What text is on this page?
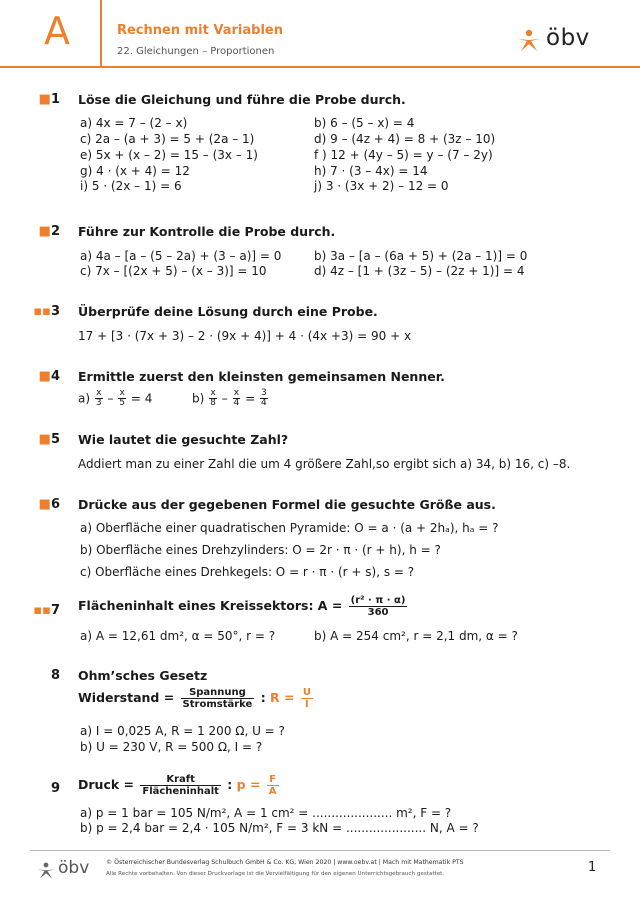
A	Rechnen mit Variablen
22. Gleichungen – Proportionen
öbv
■1 Löse die Gleichung und führe die Probe durch.
a) 4x = 7 – (2 – x)	b) 6 – (5 – x) = 4
c) 2a – (a + 3) = 5 + (2a – 1)	d) 9 – (4z + 4) = 8 + (3z – 10)
e) 5x + (x – 2) = 15 – (3x – 1)	f ) 12 + (4y – 5) = y – (7 – 2y)
g) 4 · (x + 4) = 12	h) 7 · (3 – 4x) = 14
i) 5 · (2x – 1) = 6	j) 3 · (3x + 2) – 12 = 0
■2 Führe zur Kontrolle die Probe durch.
a) 4a – [a – (5 – 2a) + (3 – a)] = 0	b) 3a – [a – (6a + 5) + (2a – 1)] = 0
c) 7x – [(2x + 5) – (x – 3)] = 10	d) 4z – [1 + (3z – 5) – (2z + 1)] = 4
▪▪3 Überprüfe deine Lösung durch eine Probe.
17 + [3 · (7x + 3) – 2 · (9x + 4)] + 4 · (4x +3) = 90 + x
■4 Ermittle zuerst den kleinsten gemeinsamen Nenner.
$a) \frac{x}{3} - \frac{x}{5} = 4$	$b) \frac{x}{8} - \frac{x}{4} = \frac{3}{4}$
■5 Wie lautet die gesuchte Zahl?
Addiert man zu einer Zahl die um 4 größere Zahl,so ergibt sich a) 34, b) 16, c) –8.
■6 Drücke aus der gegebenen Formel die gesuchte Größe aus.
a) Oberfläche einer quadratischen Pyramide: O = a · (a + 2hₐ), hₐ = ?
b) Oberfläche eines Drehzylinders: O = 2r · π · (r + h), h = ?
c) Oberfläche eines Drehkegels: O = r · π · (r + s), s = ?
▪▪7 Flächeninhalt eines Kreissektors: $A = \frac{\text{(r² · π · α)}}{360}$
a) A = 12,61 dm², α = 50°, r = ?	b) A = 254 cm², r = 2,1 dm, α = ?
8 Ohm’sches Gesetz
Widerstand =	Spannung
Stromstärke : $R = \frac{U}{I}$
a) I = 0,025 A, R = 1 200 Ω, U = ?
b) U = 230 V, R = 500 Ω, I = ?
9 Druck =	Kraft
Flächeninhalt : $p = \frac{F}{A}$
a) p = 1 bar = 105 N/m², A = 1 cm² = ..................... m², F = ?
b) p = 2,4 bar = 2,4 · 105 N/m², F = 3 kN = ..................... N, A = ?
öbv	© Österreichischer Bundesverlag Schulbuch GmbH & Co. KG, Wien 2020 | www.oebv.at | Mach mit Mathematik PTS
Alle Rechte vorbehalten. Von dieser Druckvorlage ist die Vervielfältigung für den eigenen Unterrichtsgebrauch gestattet.	1
